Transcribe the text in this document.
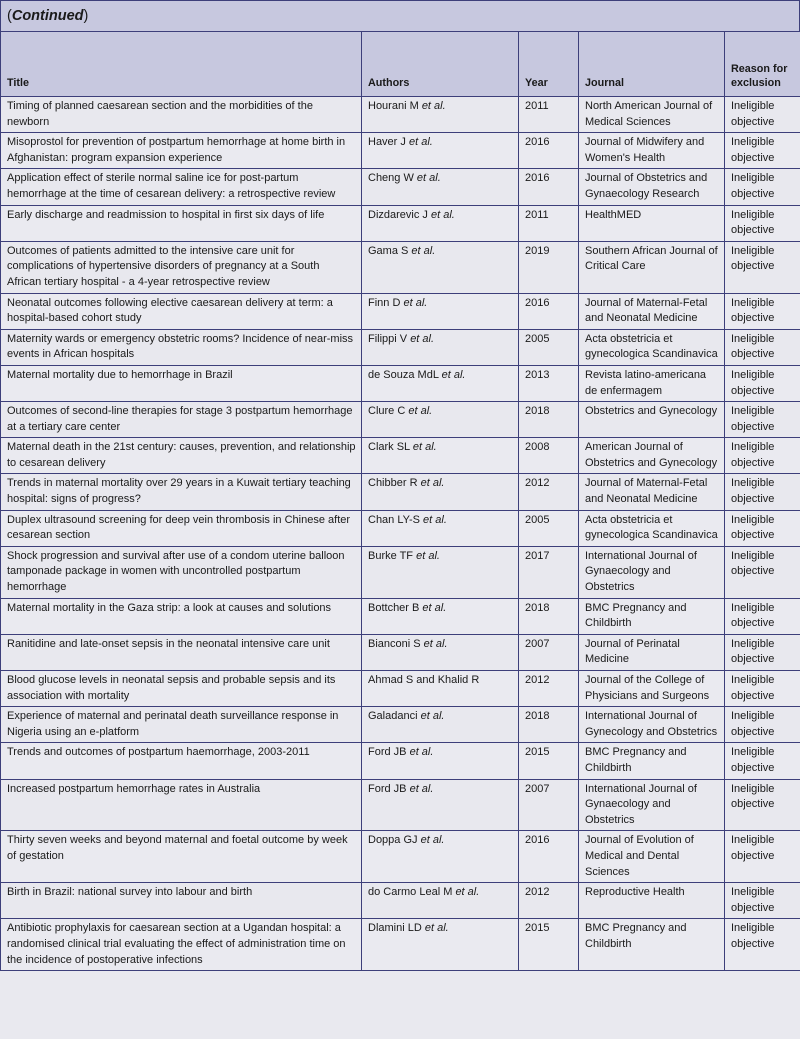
( Continued )
Title	Authors	Year	Journal	Reason for exclusion
Timing of planned caesarean section and the morbidities of the newborn	Hourani M et al.	2011	North American Journal of Medical Sciences	Ineligible objective
Misoprostol for prevention of postpartum hemorrhage at home birth in Afghanistan: program expansion experience	Haver J et al.	2016	Journal of Midwifery and Women's Health	Ineligible objective
Application effect of sterile normal saline ice for post-partum hemorrhage at the time of cesarean delivery: a retrospective review	Cheng W et al.	2016	Journal of Obstetrics and Gynaecology Research	Ineligible objective
Early discharge and readmission to hospital in first six days of life	Dizdarevic J et al.	2011	HealthMED	Ineligible objective
Outcomes of patients admitted to the intensive care unit for complications of hypertensive disorders of pregnancy at a South African tertiary hospital - a 4-year retrospective review	Gama S et al.	2019	Southern African Journal of Critical Care	Ineligible objective
Neonatal outcomes following elective caesarean delivery at term: a hospital-based cohort study	Finn D et al.	2016	Journal of Maternal-Fetal and Neonatal Medicine	Ineligible objective
Maternity wards or emergency obstetric rooms? Incidence of near-miss events in African hospitals	Filippi V et al.	2005	Acta obstetricia et gynecologica Scandinavica	Ineligible objective
Maternal mortality due to hemorrhage in Brazil	de Souza MdL et al.	2013	Revista latino-americana de enfermagem	Ineligible objective
Outcomes of second-line therapies for stage 3 postpartum hemorrhage at a tertiary care center	Clure C et al.	2018	Obstetrics and Gynecology	Ineligible objective
Maternal death in the 21st century: causes, prevention, and relationship to cesarean delivery	Clark SL et al.	2008	American Journal of Obstetrics and Gynecology	Ineligible objective
Trends in maternal mortality over 29 years in a Kuwait tertiary teaching hospital: signs of progress?	Chibber R et al.	2012	Journal of Maternal-Fetal and Neonatal Medicine	Ineligible objective
Duplex ultrasound screening for deep vein thrombosis in Chinese after cesarean section	Chan LY-S et al.	2005	Acta obstetricia et gynecologica Scandinavica	Ineligible objective
Shock progression and survival after use of a condom uterine balloon tamponade package in women with uncontrolled postpartum hemorrhage	Burke TF et al.	2017	International Journal of Gynaecology and Obstetrics	Ineligible objective
Maternal mortality in the Gaza strip: a look at causes and solutions	Bottcher B et al.	2018	BMC Pregnancy and Childbirth	Ineligible objective
Ranitidine and late-onset sepsis in the neonatal intensive care unit	Bianconi S et al.	2007	Journal of Perinatal Medicine	Ineligible objective
Blood glucose levels in neonatal sepsis and probable sepsis and its association with mortality	Ahmad S and Khalid R	2012	Journal of the College of Physicians and Surgeons	Ineligible objective
Experience of maternal and perinatal death surveillance response in Nigeria using an e-platform	Galadanci et al.	2018	International Journal of Gynecology and Obstetrics	Ineligible objective
Trends and outcomes of postpartum haemorrhage, 2003-2011	Ford JB et al.	2015	BMC Pregnancy and Childbirth	Ineligible objective
Increased postpartum hemorrhage rates in Australia	Ford JB et al.	2007	International Journal of Gynaecology and Obstetrics	Ineligible objective
Thirty seven weeks and beyond maternal and foetal outcome by week of gestation	Doppa GJ et al.	2016	Journal of Evolution of Medical and Dental Sciences	Ineligible objective
Birth in Brazil: national survey into labour and birth	do Carmo Leal M et al.	2012	Reproductive Health	Ineligible objective
Antibiotic prophylaxis for caesarean section at a Ugandan hospital: a randomised clinical trial evaluating the effect of administration time on the incidence of postoperative infections	Dlamini LD et al.	2015	BMC Pregnancy and Childbirth	Ineligible objective
